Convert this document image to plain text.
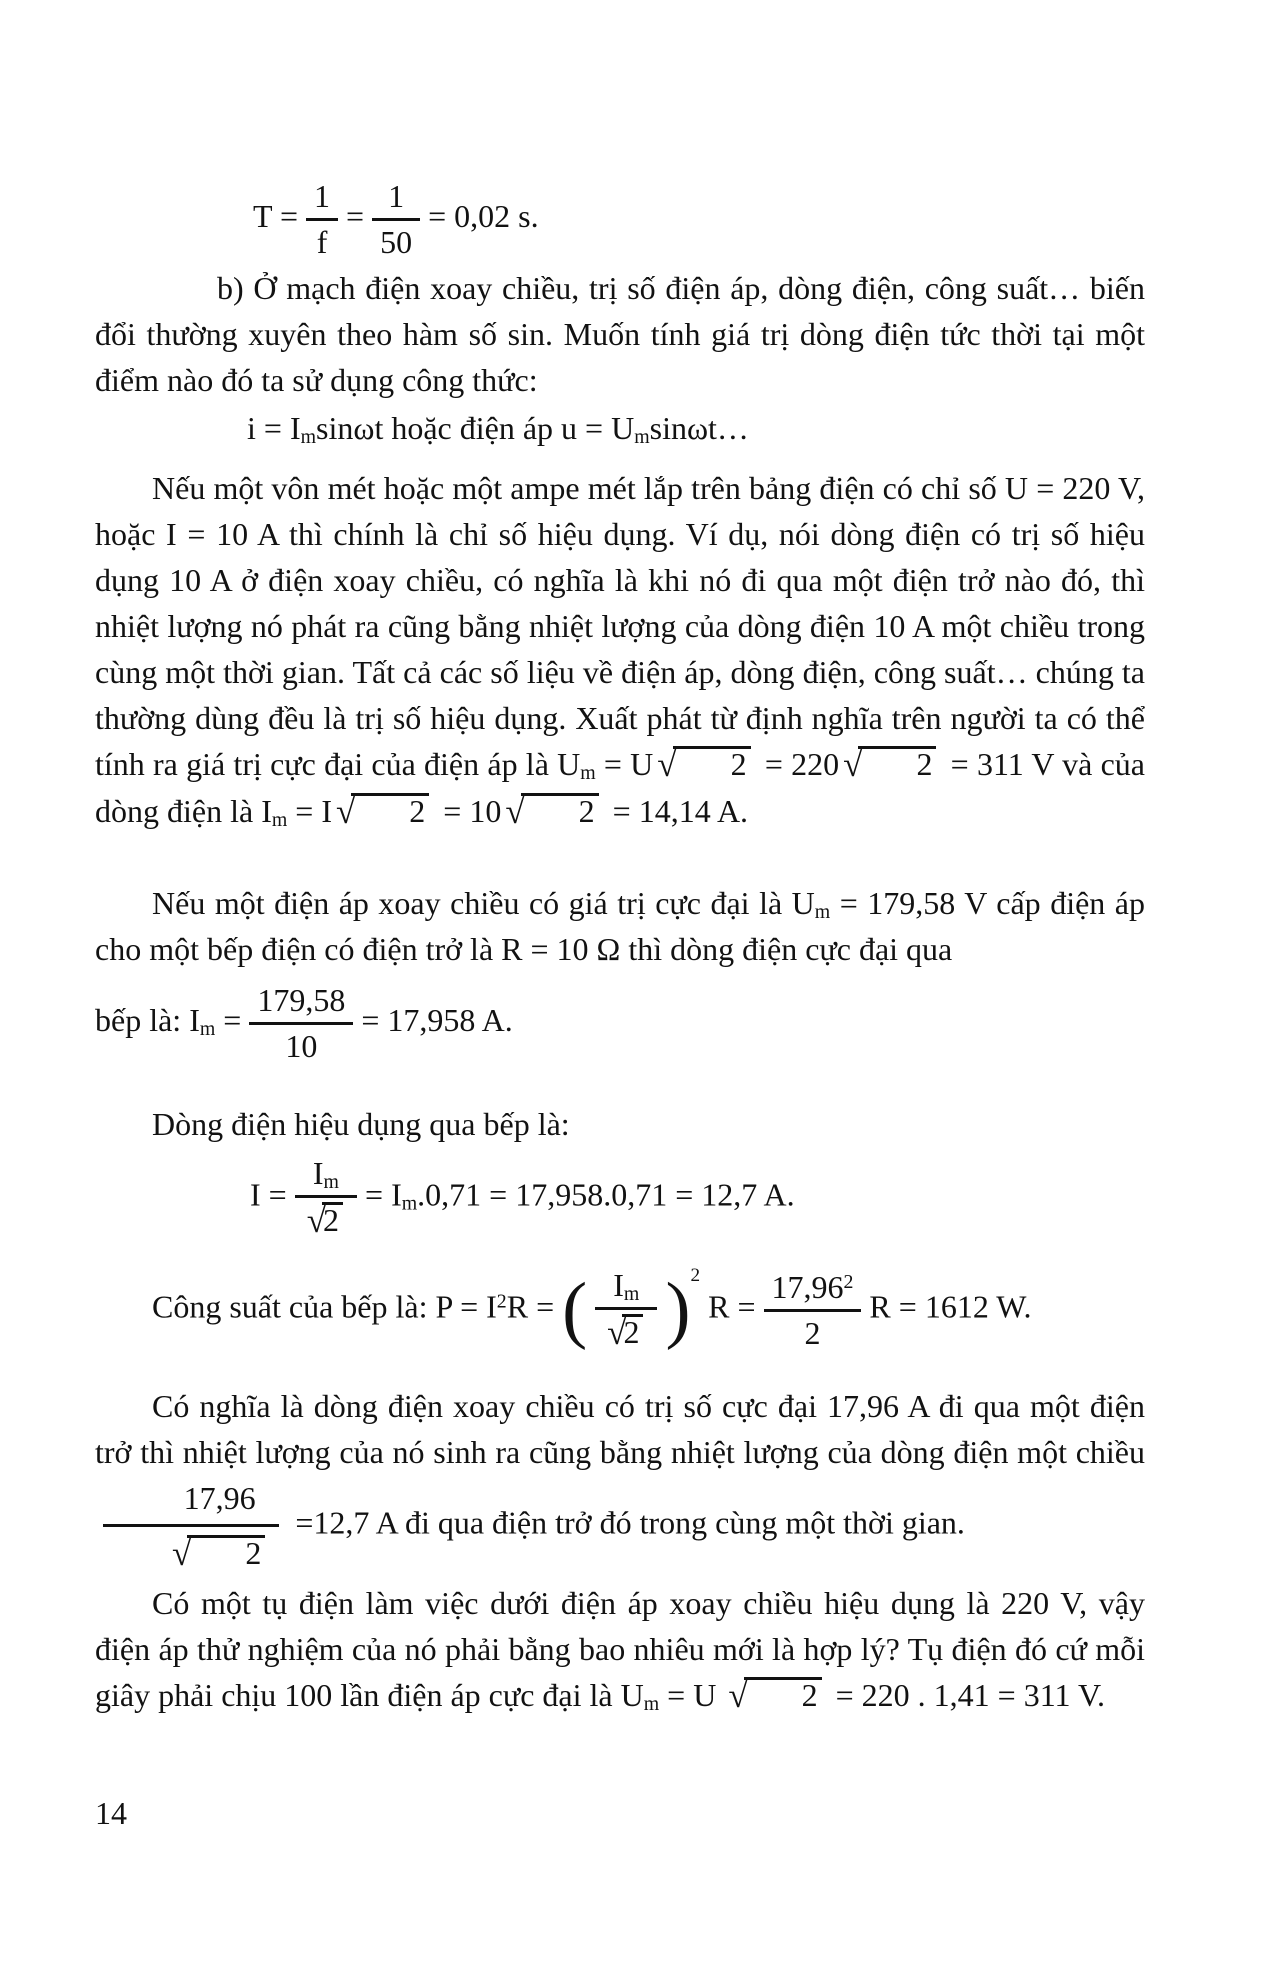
$T = \frac{1}{f} = \frac{1}{50} = 0,02$ s.
b) Ở mạch điện xoay chiều, trị số điện áp, dòng điện, công suất… biến đổi thường xuyên theo hàm số sin. Muốn tính giá trị dòng điện tức thời tại một điểm nào đó ta sử dụng công thức:
$i = I_m\sin\omega t$ hoặc điện áp $u = U_m\sin\omega t\dots$
Nếu một vôn mét hoặc một ampe mét lắp trên bảng điện có chỉ số U = 220 V, hoặc I = 10 A thì chính là chỉ số hiệu dụng. Ví dụ, nói dòng điện có trị số hiệu dụng 10 A ở điện xoay chiều, có nghĩa là khi nó đi qua một điện trở nào đó, thì nhiệt lượng nó phát ra cũng bằng nhiệt lượng của dòng điện 10 A một chiều trong cùng một thời gian. Tất cả các số liệu về điện áp, dòng điện, công suất… chúng ta thường dùng đều là trị số hiệu dụng. Xuất phát từ định nghĩa trên người ta có thể tính ra giá trị cực đại của điện áp là $U_m = U$ √ 2 = 220 √ 2 = 311 V và của dòng điện là $I_m = I$ √ 2 = 10 √ 2 = 14,14 A.
Nếu một điện áp xoay chiều có giá trị cực đại là $U_m = 179,58$ V cấp điện áp cho một bếp điện có điện trở là R = 10 Ω thì dòng điện cực đại qua
bếp là: $I_m = \frac{179,58}{10} = 17,958$ A.
Dòng điện hiệu dụng qua bếp là:
$I = \frac{I_m}{√2} = I_m.0,71 = 17,958.0,71 = 12,7$ A.
Công suất của bếp là: $P = I^2R$ = ( $\frac{I_m}{√2} )^2$ $R = \frac{17,96^2}{2}$ R = 1612 W.
Có nghĩa là dòng điện xoay chiều có trị số cực đại 17,96 A đi qua một điện trở thì nhiệt lượng của nó sinh ra cũng bằng nhiệt lượng của dòng điện một chiều
$\frac{17,96}{√ 2} =12,7$ A đi qua điện trở đó trong cùng một thời gian.
Có một tụ điện làm việc dưới điện áp xoay chiều hiệu dụng là 220 V, vậy điện áp thử nghiệm của nó phải bằng bao nhiêu mới là hợp lý? Tụ điện đó cứ mỗi giây phải chịu 100 lần điện áp cực đại là $U_m = U$ √ 2 = 220 . 1,41 = 311 V.
14
